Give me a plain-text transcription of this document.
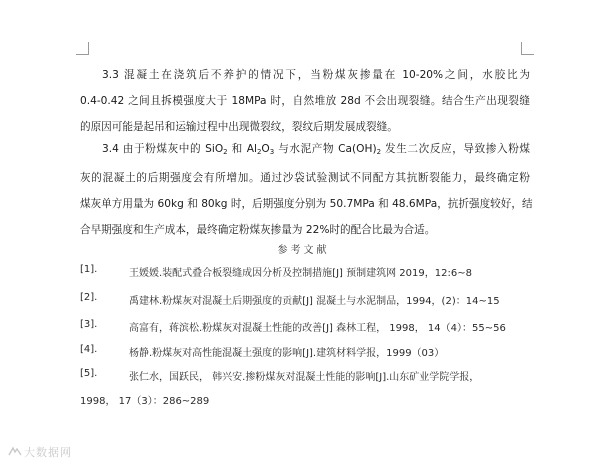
3.3 混凝土在浇筑后不养护的情况下，当粉煤灰掺量在 10-20%之间，水胶比为
0.4-0.42 之间且拆模强度大于 18MPa 时，自然堆放 28d 不会出现裂缝。结合生产出现裂缝
的原因可能是起吊和运输过程中出现微裂纹，裂纹后期发展成裂缝。
3.4 由于粉煤灰中的 SiO$_2$ 和 $Al_2O_3$ 与水泥产物 $Ca(OH)_2$ 发生二次反应，导致掺入粉煤
灰的混凝土的后期强度会有所增加。通过沙袋试验测试不同配方其抗断裂能力，最终确定粉
煤灰单方用量为 60kg 和 80kg 时，后期强度分别为 50.7MPa 和 48.6MPa，抗折强度较好，结
合早期强度和生产成本，最终确定粉煤灰掺量为 22%时的配合比最为合适。
参考文献
[1].	王媛媛.装配式叠合板裂缝成因分析及控制措施[J] 预制建筑网 2019，12:6~8
[2].	禹建林.粉煤灰对混凝土后期强度的贡献[J] 混凝土与水泥制品，1994，(2)：14~15
[3].	高富有，蒋滨松.粉煤灰对混凝土性能的改善[J] 森林工程， 1998， 14（4）：55~56
[4].	杨静.粉煤灰对高性能混凝土强度的影响[J].建筑材料学报，1999（03）
[5].	张仁水，国跃民， 韩兴安.掺粉煤灰对混凝土性能的影响[J].山东矿业学院学报，
1998， 17（3）：286~289
大数据网
